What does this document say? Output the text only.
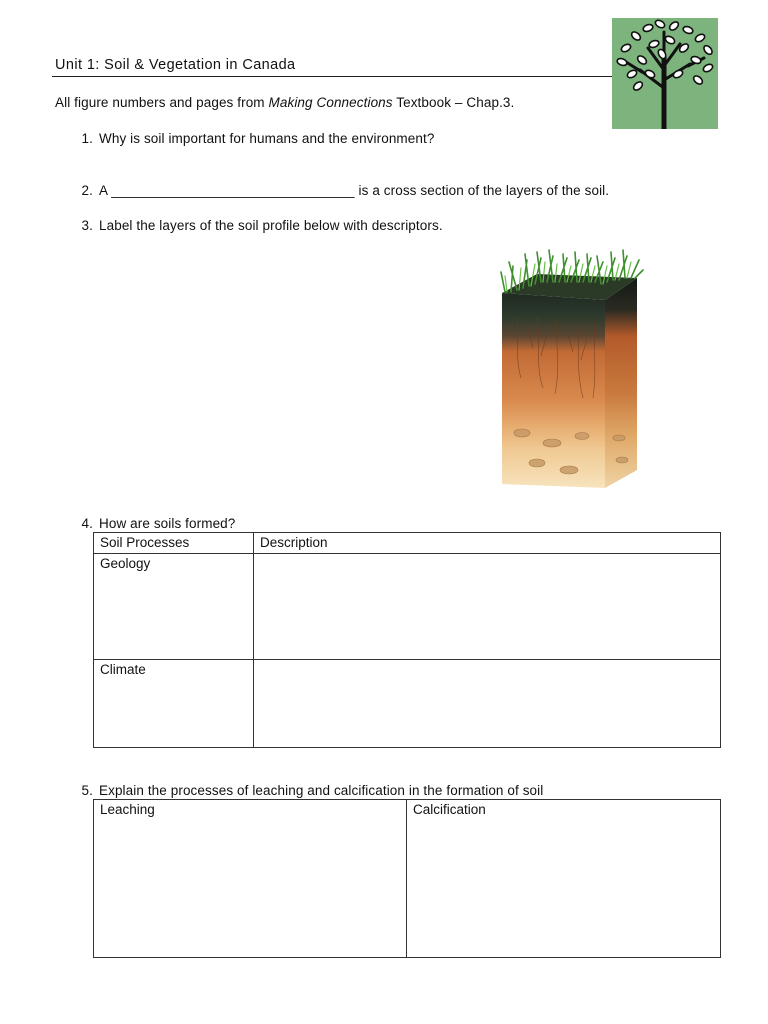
Unit 1: Soil & Vegetation in Canada
All figure numbers and pages from Making Connections Textbook – Chap.3.
1. Why is soil important for humans and the environment?
2. A ________________________________ is a cross section of the layers of the soil.
3. Label the layers of the soil profile below with descriptors.
4. How are soils formed?
Soil Processes	Description
Geology	
Climate	
5. Explain the processes of leaching and calcification in the formation of soil
Leaching	Calcification
